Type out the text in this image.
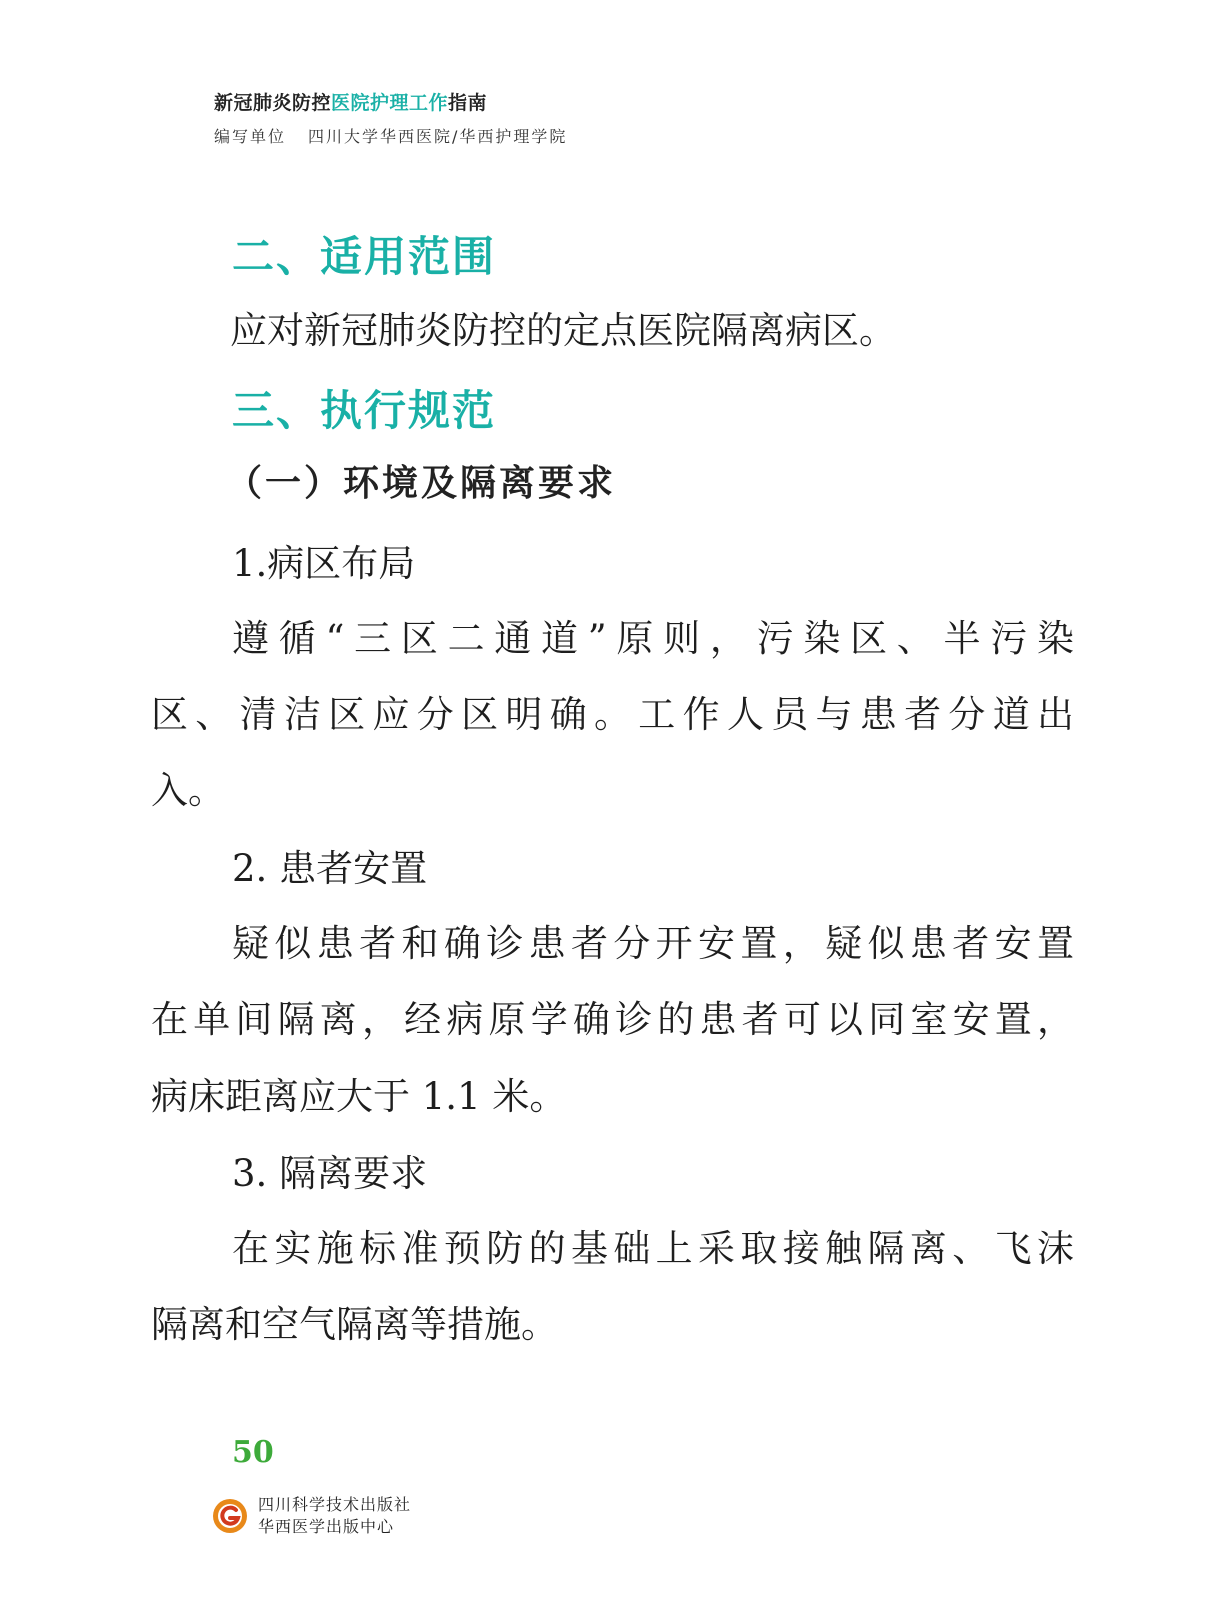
新冠肺炎防控医院护理工作指南
编写单位 四川大学华西医院/华西护理学院
二、适用范围
应对新冠肺炎防控的定点医院隔离病区。
三、执行规范
（一）环境及隔离要求
1.病区布局
遵循“三区二通道”原则，污染区、半污染
区、清洁区应分区明确。工作人员与患者分道出
入。
2. 患者安置
疑似患者和确诊患者分开安置，疑似患者安置
在单间隔离，经病原学确诊的患者可以同室安置，
病床距离应大于 1.1 米。
3. 隔离要求
在实施标准预防的基础上采取接触隔离、飞沫
隔离和空气隔离等措施。
50
四川科学技术出版社
华西医学出版中心
